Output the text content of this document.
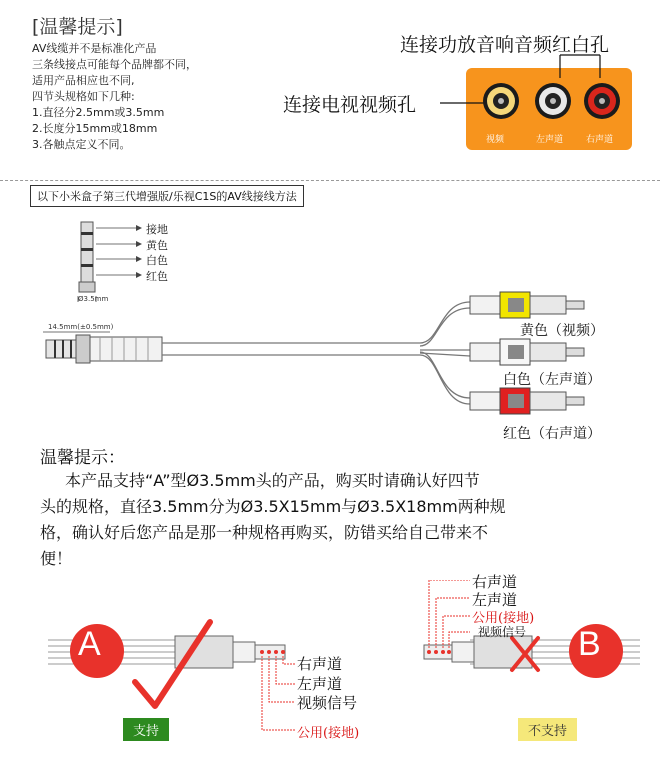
[温馨提示]
AV线缆并不是标准化产品
三条线接点可能每个品牌都不同，
适用产品相应也不同,
四节头规格如下几种:
1.直径分2.5mm或3.5mm
2.长度分15mm或18mm
3.各触点定义不同。
连接功放音响音频红白孔
连接电视视频孔
视频	左声道	右声道
以下小米盒子第三代增强版/乐视C1S的AV线接线方法
接地
黄色
白色
红色
Ø3.5mm
14.5mm(±0.5mm)	黄色（视频）
白色（左声道）
红色（右声道）
温馨提示：
本产品支持“A”型Ø3.5mm头的产品，购买时请确认好四节
头的规格，直径3.5mm分为Ø3.5X15mm与Ø3.5X18mm两种规
格，确认好后您产品是那一种规格再购买，防错买给自己带来不
便！
A	B
右声道
左声道
视频信号
公用(接地)
右声道
左声道
公用(接地)
视频信号
支持	不支持
